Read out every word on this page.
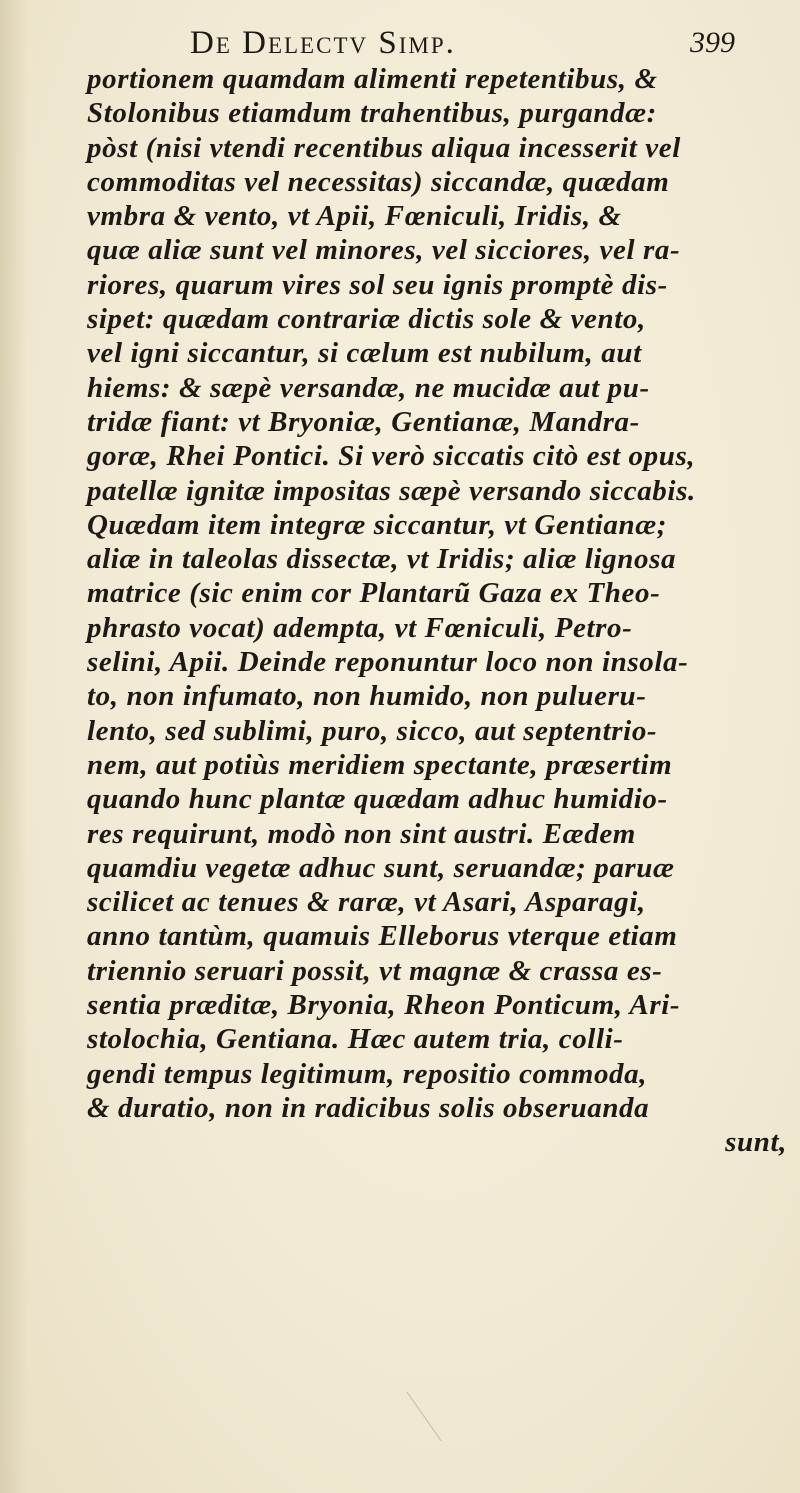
De Delectv Simp.	399
portionem quamdam alimenti repetentibus, &
Stolonibus etiamdum trahentibus, purgandæ:
pòst (nisi vtendi recentibus aliqua incesserit vel
commoditas vel necessitas) siccandæ, quædam
vmbra & vento, vt Apii, Fœniculi, Iridis, &
quæ aliæ sunt vel minores, vel sicciores, vel ra-
riores, quarum vires sol seu ignis promptè dis-
sipet: quædam contrariæ dictis sole & vento,
vel igni siccantur, si cælum est nubilum, aut
hiems: & sæpè versandæ, ne mucidæ aut pu-
tridæ fiant: vt Bryoniæ, Gentianæ, Mandra-
goræ, Rhei Pontici. Si verò siccatis citò est opus,
patellæ ignitæ impositas sæpè versando siccabis.
Quædam item integræ siccantur, vt Gentianæ;
aliæ in taleolas dissectæ, vt Iridis; aliæ lignosa
matrice (sic enim cor Plantarũ Gaza ex Theo-
phrasto vocat) adempta, vt Fœniculi, Petro-
selini, Apii. Deinde reponuntur loco non insola-
to, non infumato, non humido, non pulueru-
lento, sed sublimi, puro, sicco, aut septentrio-
nem, aut potiùs meridiem spectante, præsertim
quando hunc plantæ quædam adhuc humidio-
res requirunt, modò non sint austri. Eædem
quamdiu vegetæ adhuc sunt, seruandæ; paruæ
scilicet ac tenues & raræ, vt Asari, Asparagi,
anno tantùm, quamuis Elleborus vterque etiam
triennio seruari possit, vt magnæ & crassa es-
sentia præditæ, Bryonia, Rheon Ponticum, Ari-
stolochia, Gentiana. Hæc autem tria, colli-
gendi tempus legitimum, repositio commoda,
& duratio, non in radicibus solis obseruanda
sunt,
